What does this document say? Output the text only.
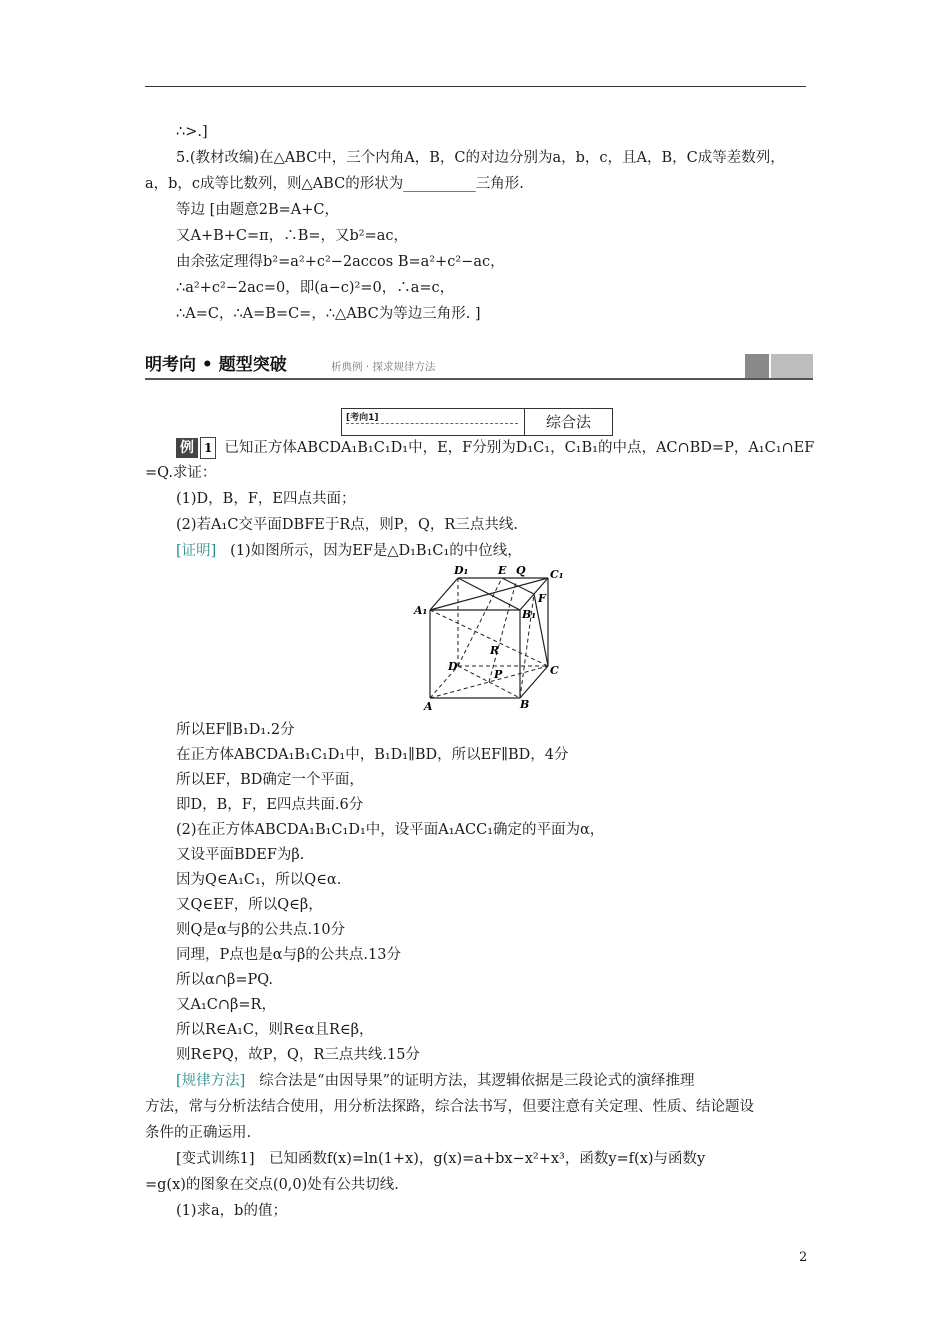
∴>.]
5.(教材改编)在△ABC中，三个内角A，B，C的对边分别为a，b，c，且A，B，C成等差数列，
a，b，c成等比数列，则△ABC的形状为__________三角形.
等边 [由题意2B=A+C，
又A+B+C=π，∴B=，又b²=ac，
由余弦定理得b²=a²+c²−2accos B=a²+c²−ac，
∴a²+c²−2ac=0，即(a−c)²=0，∴a=c，
∴A=C，∴A=B=C=，∴△ABC为等边三角形. ]
明考向 • 题型突破	析典例 · 探求规律方法
[考向1]	综合法
例 1 已知正方体ABCDA₁B₁C₁D₁中，E，F分别为D₁C₁，C₁B₁的中点，AC∩BD=P，A₁C₁∩EF
=Q.求证：
(1)D，B，F，E四点共面；
(2)若A₁C交平面DBFE于R点，则P，Q，R三点共线.
[证明] (1)如图所示，因为EF是△D₁B₁C₁的中位线，
D₁	E Q C₁
A₁	B₁
F
R
D
P	C
A	B
所以EF∥B₁D₁.2分
在正方体ABCDA₁B₁C₁D₁中，B₁D₁∥BD，所以EF∥BD，4分
所以EF，BD确定一个平面，
即D，B，F，E四点共面.6分
(2)在正方体ABCDA₁B₁C₁D₁中，设平面A₁ACC₁确定的平面为α，
又设平面BDEF为β.
因为Q∈A₁C₁，所以Q∈α.
又Q∈EF，所以Q∈β，
则Q是α与β的公共点.10分
同理，P点也是α与β的公共点.13分
所以α∩β=PQ.
又A₁C∩β=R，
所以R∈A₁C，则R∈α且R∈β，
则R∈PQ，故P，Q，R三点共线.15分
[规律方法] 综合法是“由因导果”的证明方法，其逻辑依据是三段论式的演绎推理
方法，常与分析法结合使用，用分析法探路，综合法书写，但要注意有关定理、性质、结论题设
条件的正确运用.
[变式训练1]　已知函数f(x)=ln(1+x)，g(x)=a+bx−x²+x³，函数y=f(x)与函数y
=g(x)的图象在交点(0,0)处有公共切线.
(1)求a，b的值；
2
